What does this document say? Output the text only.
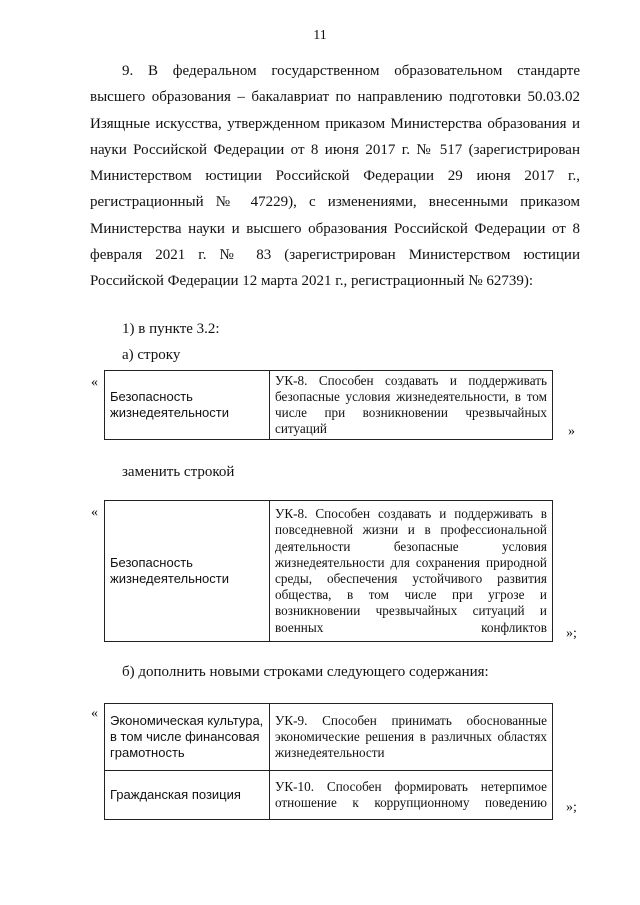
11

9. В федеральном государственном образовательном стандарте высшего образования – бакалавриат по направлению подготовки 50.03.02 Изящные искусства, утвержденном приказом Министерства образования и науки Российской Федерации от 8 июня 2017 г. № 517 (зарегистрирован Министерством юстиции Российской Федерации 29 июня 2017 г., регистрационный № 47229), с изменениями, внесенными приказом Министерства науки и высшего образования Российской Федерации от 8 февраля 2021 г. № 83 (зарегистрирован Министерством юстиции Российской Федерации 12 марта 2021 г., регистрационный № 62739):

1) в пункте 3.2:
а) строку
«
Безопасность жизнедеятельности	УК-8. Способен создавать и поддерживать безопасные условия жизнедеятельности, в том числе при возникновении чрезвычайных ситуаций	»
заменить строкой
«
Безопасность жизнедеятельности	УК-8. Способен создавать и поддерживать в повседневной жизни и в профессиональной деятельности безопасные условия жизнедеятельности для сохранения природной среды, обеспечения устойчивого развития общества, в том числе при угрозе и возникновении чрезвычайных ситуаций и военных конфликтов »;
б) дополнить новыми строками следующего содержания:
« Экономическая культура, в том числе финансовая грамотность	УК-9. Способен принимать обоснованные экономические решения в различных областях жизнедеятельности
Гражданская позиция	УК-10. Способен формировать нетерпимое отношение к коррупционному поведению »;
